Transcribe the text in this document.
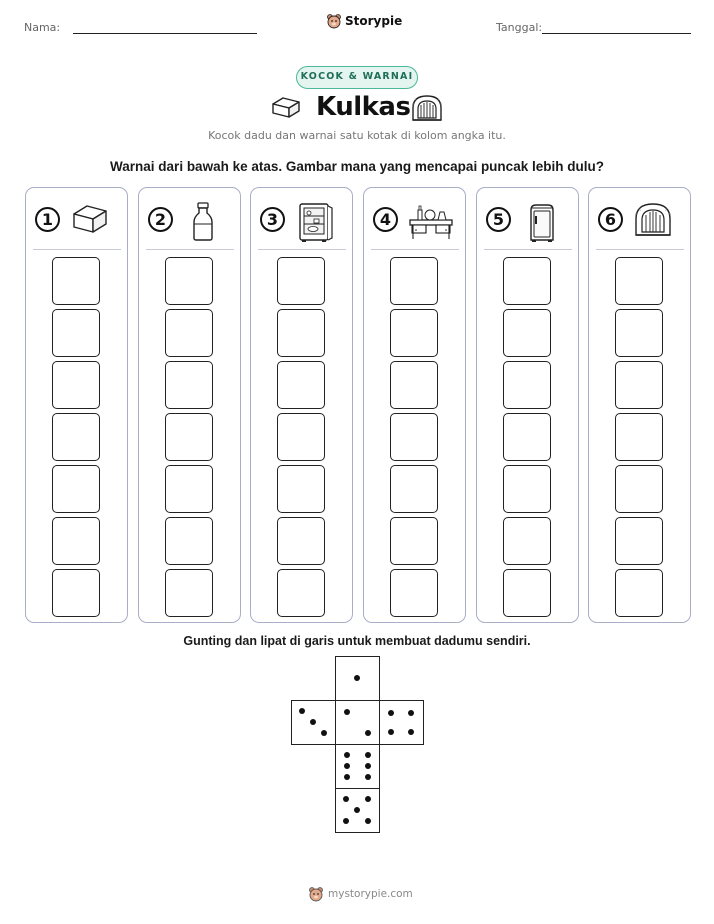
Nama:	Storypie	Tanggal:
KOCOK & WARNAI
Kulkas
Kocok dadu dan warnai satu kotak di kolom angka itu.
Warnai dari bawah ke atas. Gambar mana yang mencapai puncak lebih dulu?
1	2	3	4	5	6
Gunting dan lipat di garis untuk membuat dadumu sendiri.
mystorypie.com
